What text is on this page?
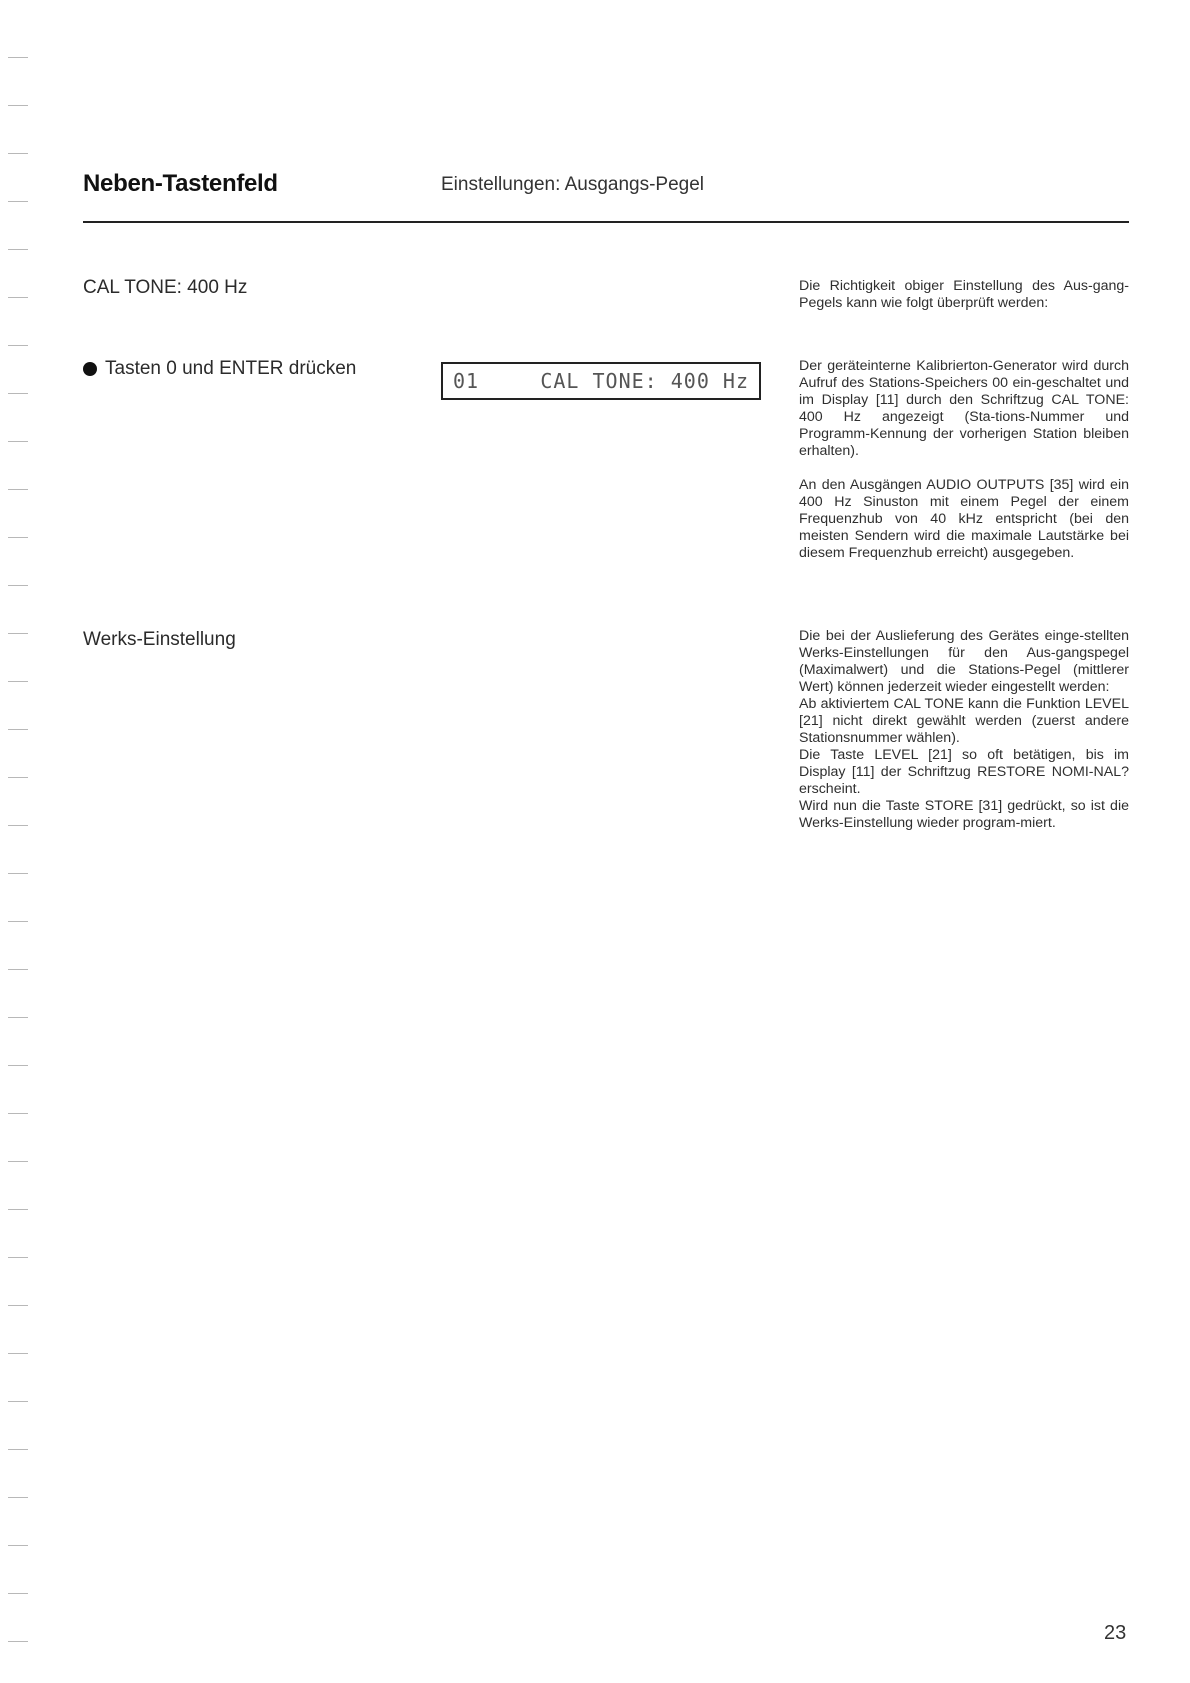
Neben-Tastenfeld	Einstellungen: Ausgangs-Pegel
CAL TONE: 400 Hz	Die Richtigkeit obiger Einstellung des Aus-gang-Pegels kann wie folgt überprüft werden:
Tasten 0 und ENTER drücken
01	CAL TONE: 400 Hz
Der geräteinterne Kalibrierton-Generator wird durch Aufruf des Stations-Speichers 00 ein-geschaltet und im Display [11] durch den Schriftzug CAL TONE: 400 Hz angezeigt (Sta-tions-Nummer und Programm-Kennung der vorherigen Station bleiben erhalten).
An den Ausgängen AUDIO OUTPUTS [35] wird ein 400 Hz Sinuston mit einem Pegel der einem Frequenzhub von 40 kHz entspricht (bei den meisten Sendern wird die maximale Lautstärke bei diesem Frequenzhub erreicht) ausgegeben.
Werks-Einstellung	Die bei der Auslieferung des Gerätes einge-stellten Werks-Einstellungen für den Aus-gangspegel (Maximalwert) und die Stations-Pegel (mittlerer Wert) können jederzeit wieder eingestellt werden:

Ab aktiviertem CAL TONE kann die Funktion LEVEL [21] nicht direkt gewählt werden (zuerst andere Stationsnummer wählen).

Die Taste LEVEL [21] so oft betätigen, bis im Display [11] der Schriftzug RESTORE NOMI-NAL? erscheint.

Wird nun die Taste STORE [31] gedrückt, so ist die Werks-Einstellung wieder program-miert.

23
